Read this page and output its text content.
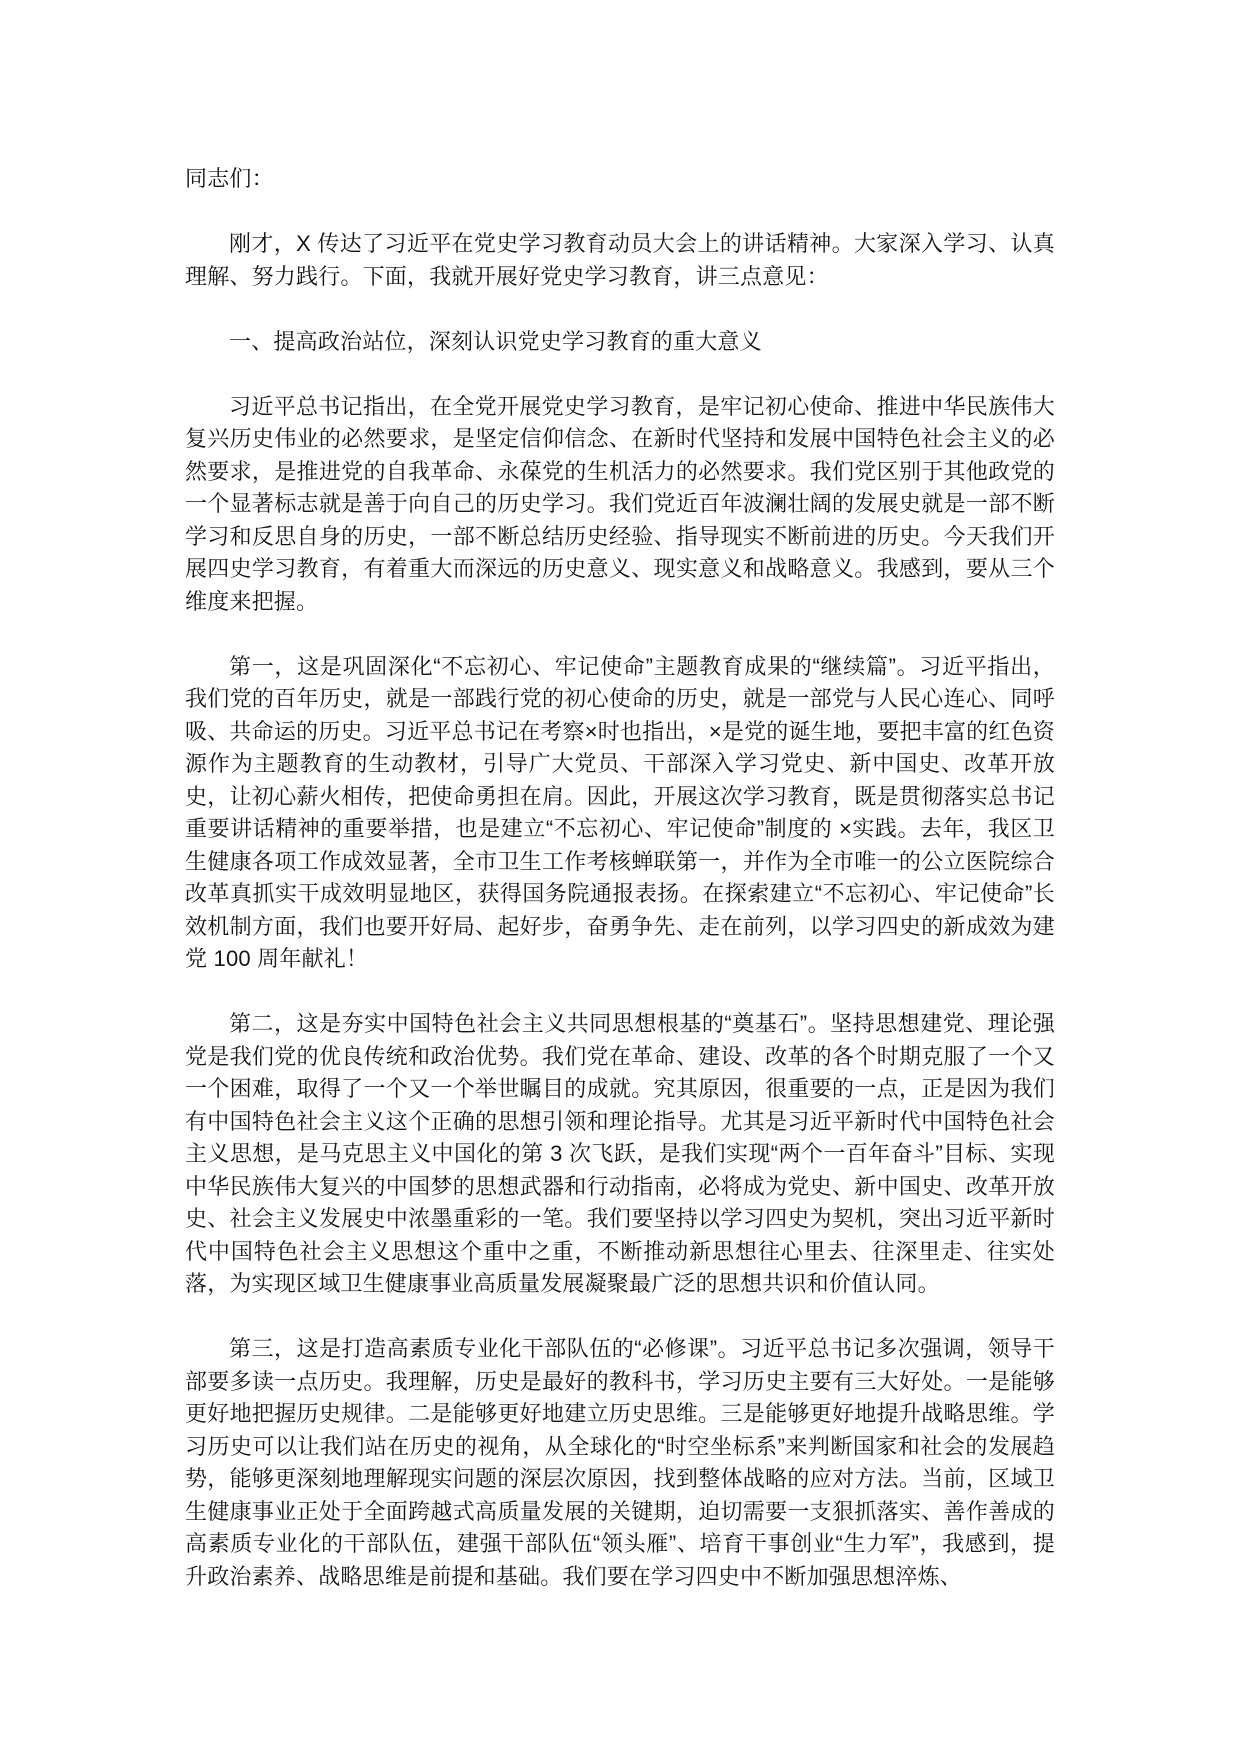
同志们：

刚才，X 传达了习近平在党史学习教育动员大会上的讲话精神。大家深入学习、认真理解、努力践行。下面，我就开展好党史学习教育，讲三点意见：

一、提高政治站位，深刻认识党史学习教育的重大意义

习近平总书记指出，在全党开展党史学习教育，是牢记初心使命、推进中华民族伟大复兴历史伟业的必然要求，是坚定信仰信念、在新时代坚持和发展中国特色社会主义的必然要求，是推进党的自我革命、永葆党的生机活力的必然要求。我们党区别于其他政党的一个显著标志就是善于向自己的历史学习。我们党近百年波澜壮阔的发展史就是一部不断学习和反思自身的历史，一部不断总结历史经验、指导现实不断前进的历史。今天我们开展四史学习教育，有着重大而深远的历史意义、现实意义和战略意义。我感到，要从三个维度来把握。

第一，这是巩固深化“不忘初心、牢记使命”主题教育成果的“继续篇”。习近平指出，我们党的百年历史，就是一部践行党的初心使命的历史，就是一部党与人民心连心、同呼吸、共命运的历史。习近平总书记在考察×时也指出，×是党的诞生地，要把丰富的红色资源作为主题教育的生动教材，引导广大党员、干部深入学习党史、新中国史、改革开放史，让初心薪火相传，把使命勇担在肩。因此，开展这次学习教育，既是贯彻落实总书记重要讲话精神的重要举措，也是建立“不忘初心、牢记使命”制度的 ×实践。去年，我区卫生健康各项工作成效显著，全市卫生工作考核蝉联第一，并作为全市唯一的公立医院综合改革真抓实干成效明显地区，获得国务院通报表扬。在探索建立“不忘初心、牢记使命”长效机制方面，我们也要开好局、起好步，奋勇争先、走在前列，以学习四史的新成效为建党 100 周年献礼！

第二，这是夯实中国特色社会主义共同思想根基的“奠基石”。坚持思想建党、理论强党是我们党的优良传统和政治优势。我们党在革命、建设、改革的各个时期克服了一个又一个困难，取得了一个又一个举世瞩目的成就。究其原因，很重要的一点，正是因为我们有中国特色社会主义这个正确的思想引领和理论指导。尤其是习近平新时代中国特色社会主义思想，是马克思主义中国化的第 3 次飞跃，是我们实现“两个一百年奋斗”目标、实现中华民族伟大复兴的中国梦的思想武器和行动指南，必将成为党史、新中国史、改革开放史、社会主义发展史中浓墨重彩的一笔。我们要坚持以学习四史为契机，突出习近平新时代中国特色社会主义思想这个重中之重，不断推动新思想往心里去、往深里走、往实处落，为实现区域卫生健康事业高质量发展凝聚最广泛的思想共识和价值认同。

第三，这是打造高素质专业化干部队伍的“必修课”。习近平总书记多次强调，领导干部要多读一点历史。我理解，历史是最好的教科书，学习历史主要有三大好处。一是能够更好地把握历史规律。二是能够更好地建立历史思维。三是能够更好地提升战略思维。学习历史可以让我们站在历史的视角，从全球化的“时空坐标系”来判断国家和社会的发展趋势，能够更深刻地理解现实问题的深层次原因，找到整体战略的应对方法。当前，区域卫生健康事业正处于全面跨越式高质量发展的关键期，迫切需要一支狠抓落实、善作善成的高素质专业化的干部队伍，建强干部队伍“领头雁”、培育干事创业“生力军”，我感到，提升政治素养、战略思维是前提和基础。我们要在学习四史中不断加强思想淬炼、
